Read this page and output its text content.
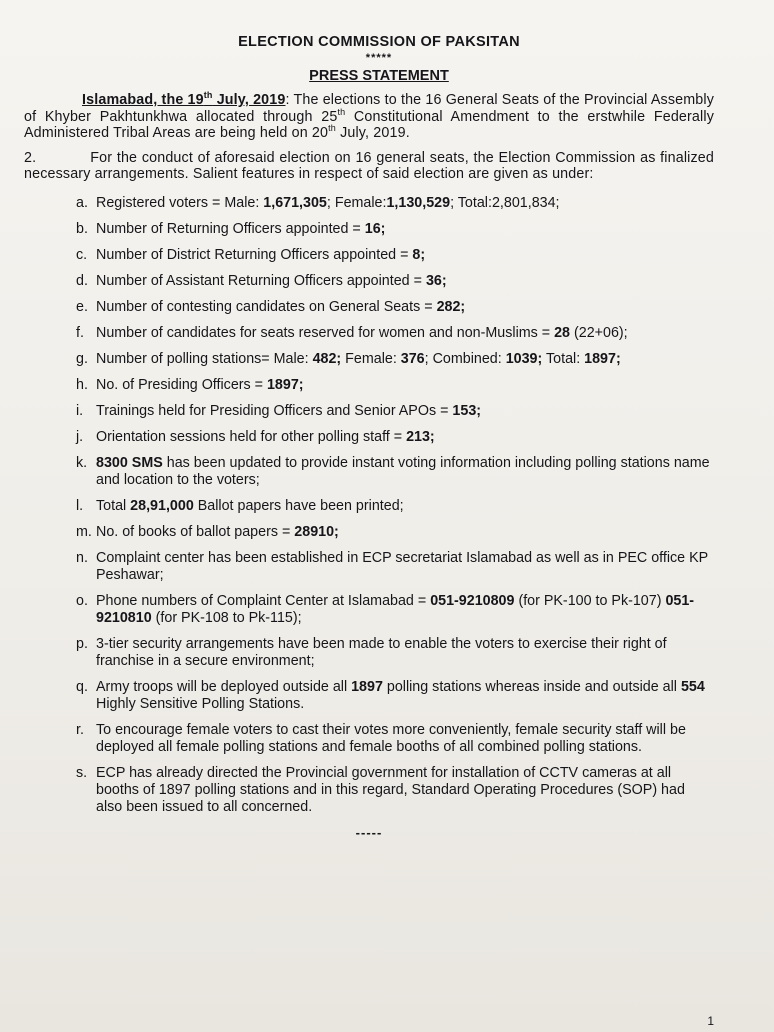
ELECTION COMMISSION OF PAKSITAN
*****
PRESS STATEMENT

Islamabad, the 19th July, 2019: The elections to the 16 General Seats of the Provincial Assembly of Khyber Pakhtunkhwa allocated through 25th Constitutional Amendment to the erstwhile Federally Administered Tribal Areas are being held on 20th July, 2019.

2.	For the conduct of aforesaid election on 16 general seats, the Election Commission as finalized necessary arrangements. Salient features in respect of said election are given as under:

a. Registered voters = Male: 1,671,305; Female:1,130,529; Total:2,801,834;
b. Number of Returning Officers appointed = 16;
c. Number of District Returning Officers appointed = 8;
d. Number of Assistant Returning Officers appointed = 36;
e. Number of contesting candidates on General Seats = 282;
f. Number of candidates for seats reserved for women and non-Muslims = 28 (22+06);
g. Number of polling stations= Male: 482; Female: 376; Combined: 1039; Total: 1897;
h. No. of Presiding Officers = 1897;
i. Trainings held for Presiding Officers and Senior APOs = 153;
j. Orientation sessions held for other polling staff = 213;
k. 8300 SMS has been updated to provide instant voting information including polling stations name and location to the voters;
l. Total 28,91,000 Ballot papers have been printed;
m. No. of books of ballot papers = 28910;
n. Complaint center has been established in ECP secretariat Islamabad as well as in PEC office KP Peshawar;
o. Phone numbers of Complaint Center at Islamabad = 051-9210809 (for PK-100 to Pk-107) 051-9210810 (for PK-108 to Pk-115);
p. 3-tier security arrangements have been made to enable the voters to exercise their right of franchise in a secure environment;
q. Army troops will be deployed outside all 1897 polling stations whereas inside and outside all 554 Highly Sensitive Polling Stations.
r. To encourage female voters to cast their votes more conveniently, female security staff will be deployed all female polling stations and female booths of all combined polling stations.
s. ECP has already directed the Provincial government for installation of CCTV cameras at all booths of 1897 polling stations and in this regard, Standard Operating Procedures (SOP) had also been issued to all concerned.
-----
1
